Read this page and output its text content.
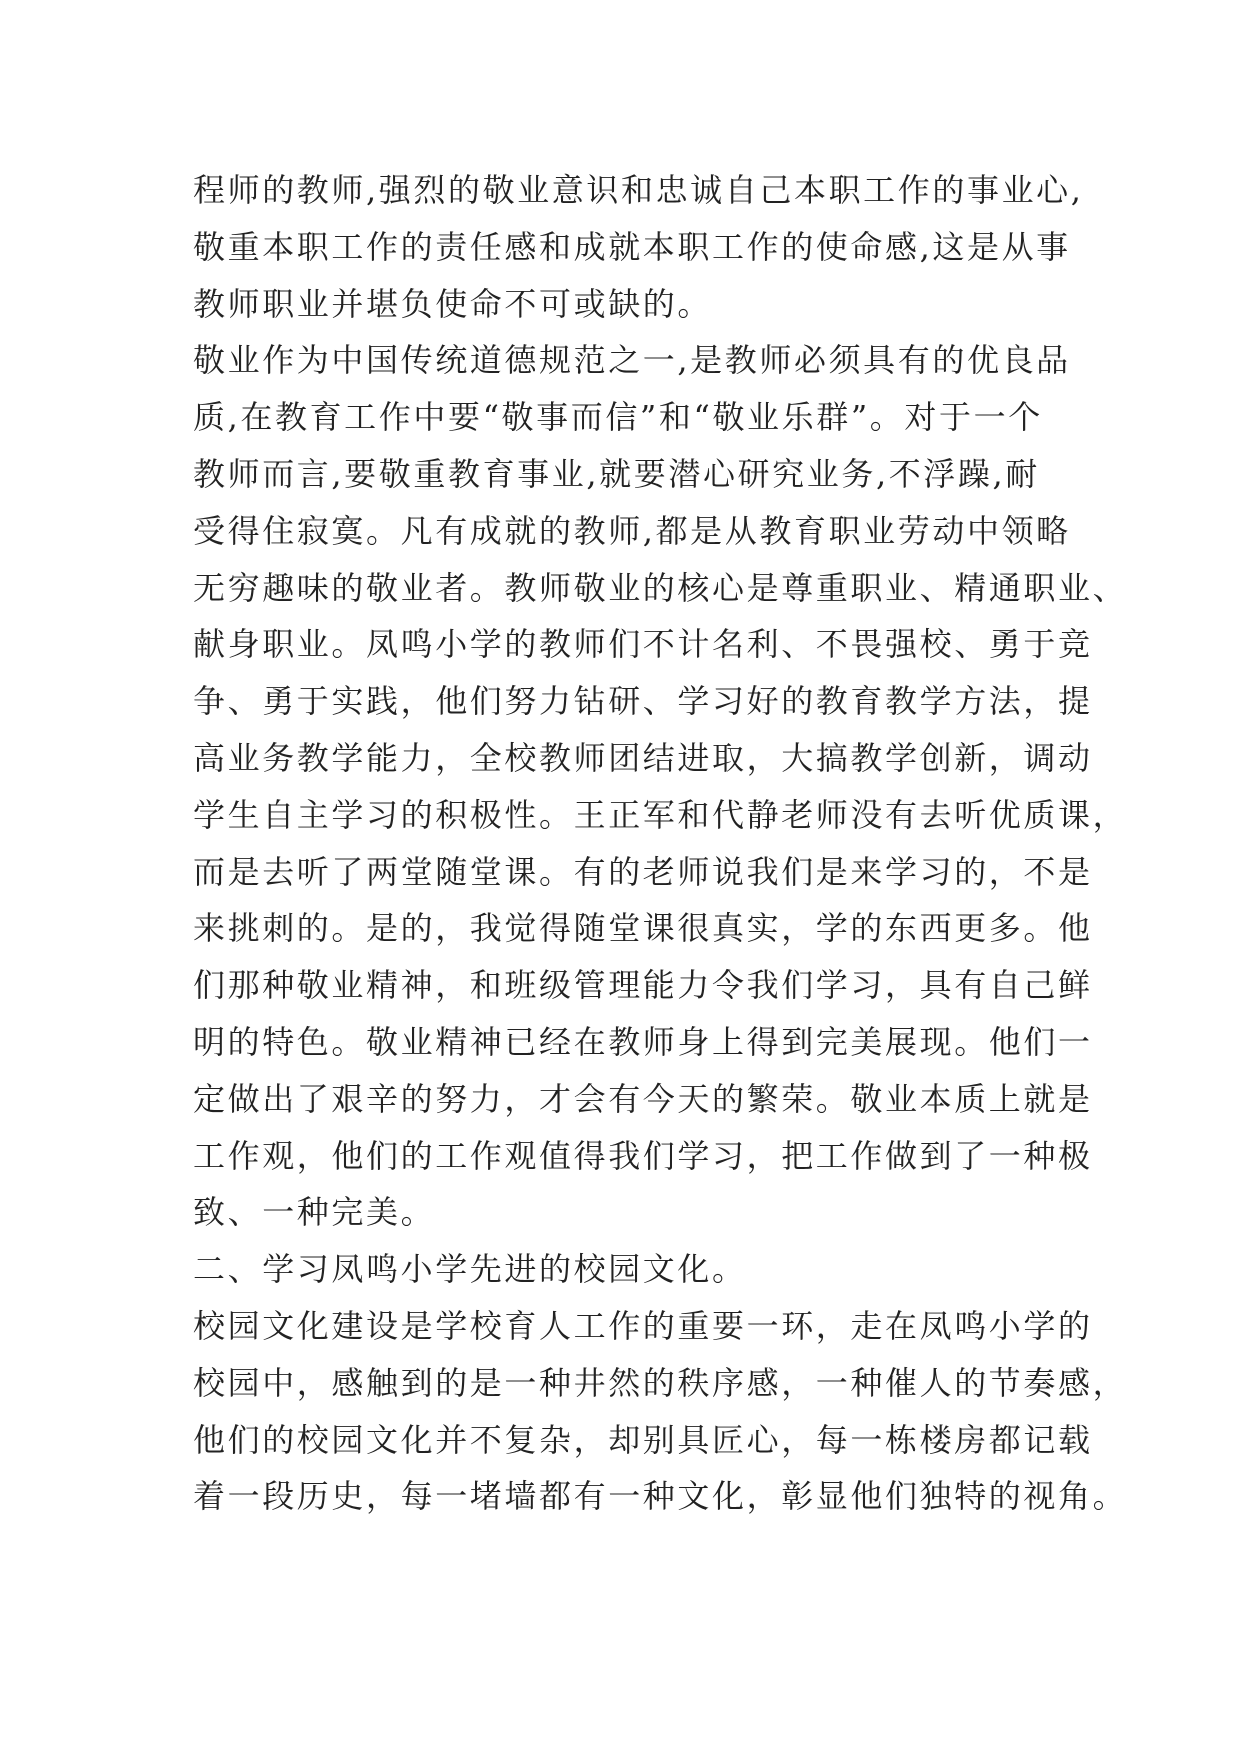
程师的教师,强烈的敬业意识和忠诚自己本职工作的事业心,
敬重本职工作的责任感和成就本职工作的使命感,这是从事
教师职业并堪负使命不可或缺的。
敬业作为中国传统道德规范之一,是教师必须具有的优良品
质,在教育工作中要“敬事而信”和“敬业乐群”。对于一个
教师而言,要敬重教育事业,就要潜心研究业务,不浮躁,耐
受得住寂寞。凡有成就的教师,都是从教育职业劳动中领略
无穷趣味的敬业者。教师敬业的核心是尊重职业、精通职业、
献身职业。凤鸣小学的教师们不计名利、不畏强校、勇于竞
争、勇于实践，他们努力钻研、学习好的教育教学方法，提
高业务教学能力，全校教师团结进取，大搞教学创新，调动
学生自主学习的积极性。王正军和代静老师没有去听优质课，
而是去听了两堂随堂课。有的老师说我们是来学习的，不是
来挑刺的。是的，我觉得随堂课很真实，学的东西更多。他
们那种敬业精神，和班级管理能力令我们学习，具有自己鲜
明的特色。敬业精神已经在教师身上得到完美展现。他们一
定做出了艰辛的努力，才会有今天的繁荣。敬业本质上就是
工作观，他们的工作观值得我们学习，把工作做到了一种极
致、一种完美。
二、学习凤鸣小学先进的校园文化。
校园文化建设是学校育人工作的重要一环，走在凤鸣小学的
校园中，感触到的是一种井然的秩序感，一种催人的节奏感，
他们的校园文化并不复杂，却别具匠心，每一栋楼房都记载
着一段历史，每一堵墙都有一种文化，彰显他们独特的视角。
